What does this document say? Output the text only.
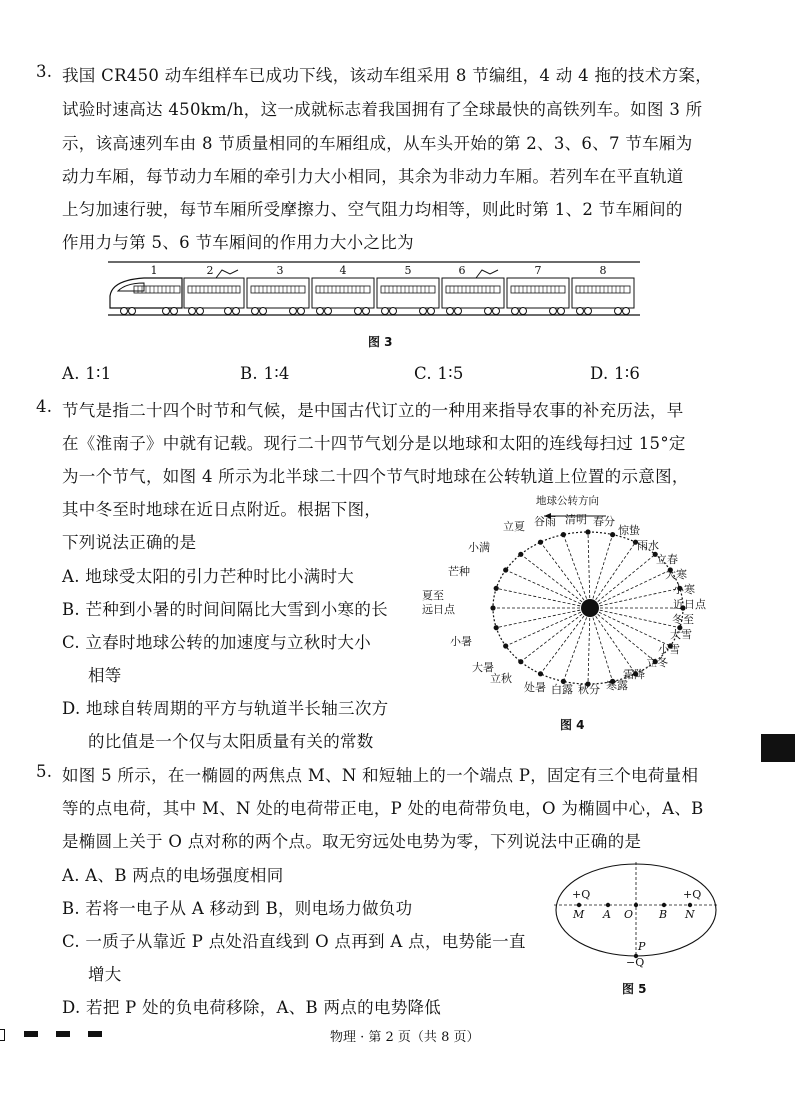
3. 我国 CR450 动车组样车已成功下线，该动车组采用 8 节编组，4 动 4 拖的技术方案，
试验时速高达 450km/h，这一成就标志着我国拥有了全球最快的高铁列车。如图 3 所
示，该高速列车由 8 节质量相同的车厢组成，从车头开始的第 2、3、6、7 节车厢为
动力车厢，每节动力车厢的牵引力大小相同，其余为非动力车厢。若列车在平直轨道
上匀加速行驶，每节车厢所受摩擦力、空气阻力均相等，则此时第 1、2 节车厢间的
作用力与第 5、6 节车厢间的作用力大小之比为
1	2	3	4	5	6	7	8
图 3
A. 1∶1	B. 1∶4	C. 1∶5	D. 1∶6
4. 节气是指二十四个时节和气候，是中国古代订立的一种用来指导农事的补充历法，早
在《淮南子》中就有记载。现行二十四节气划分是以地球和太阳的连线每扫过 15°定
为一个节气，如图 4 所示为北半球二十四个节气时地球在公转轨道上位置的示意图，
其中冬至时地球在近日点附近。根据下图，
下列说法正确的是
A. 地球受太阳的引力芒种时比小满时大
B. 芒种到小暑的时间间隔比大雪到小寒的长
C. 立春时地球公转的加速度与立秋时大小
相等
D. 地球自转周期的平方与轨道半长轴三次方
的比值是一个仅与太阳质量有关的常数
地球公转方向
立夏 谷雨 清明 春分
惊蛰
雨水
立春
大寒
小寒
近日点
冬至
大雪
小雪
立冬
霜降
寒露
秋分
白露
处暑
立秋
大暑
小暑
夏至
远日点
芒种
小满
图 4
5. 如图 5 所示，在一椭圆的两焦点 M、N 和短轴上的一个端点 P，固定有三个电荷量相
等的点电荷，其中 M、N 处的电荷带正电，P 处的电荷带负电，O 为椭圆中心，A、B
是椭圆上关于 O 点对称的两个点。取无穷远处电势为零，下列说法中正确的是
A. A、B 两点的电场强度相同
B. 若将一电子从 A 移动到 B，则电场力做负功
C. 一质子从靠近 P 点处沿直线到 O 点再到 A 点，电势能一直
增大
D. 若把 P 处的负电荷移除，A、B 两点的电势降低
+Q	+Q
M A O B N
P
−Q
图 5
物理 · 第 2 页（共 8 页）
